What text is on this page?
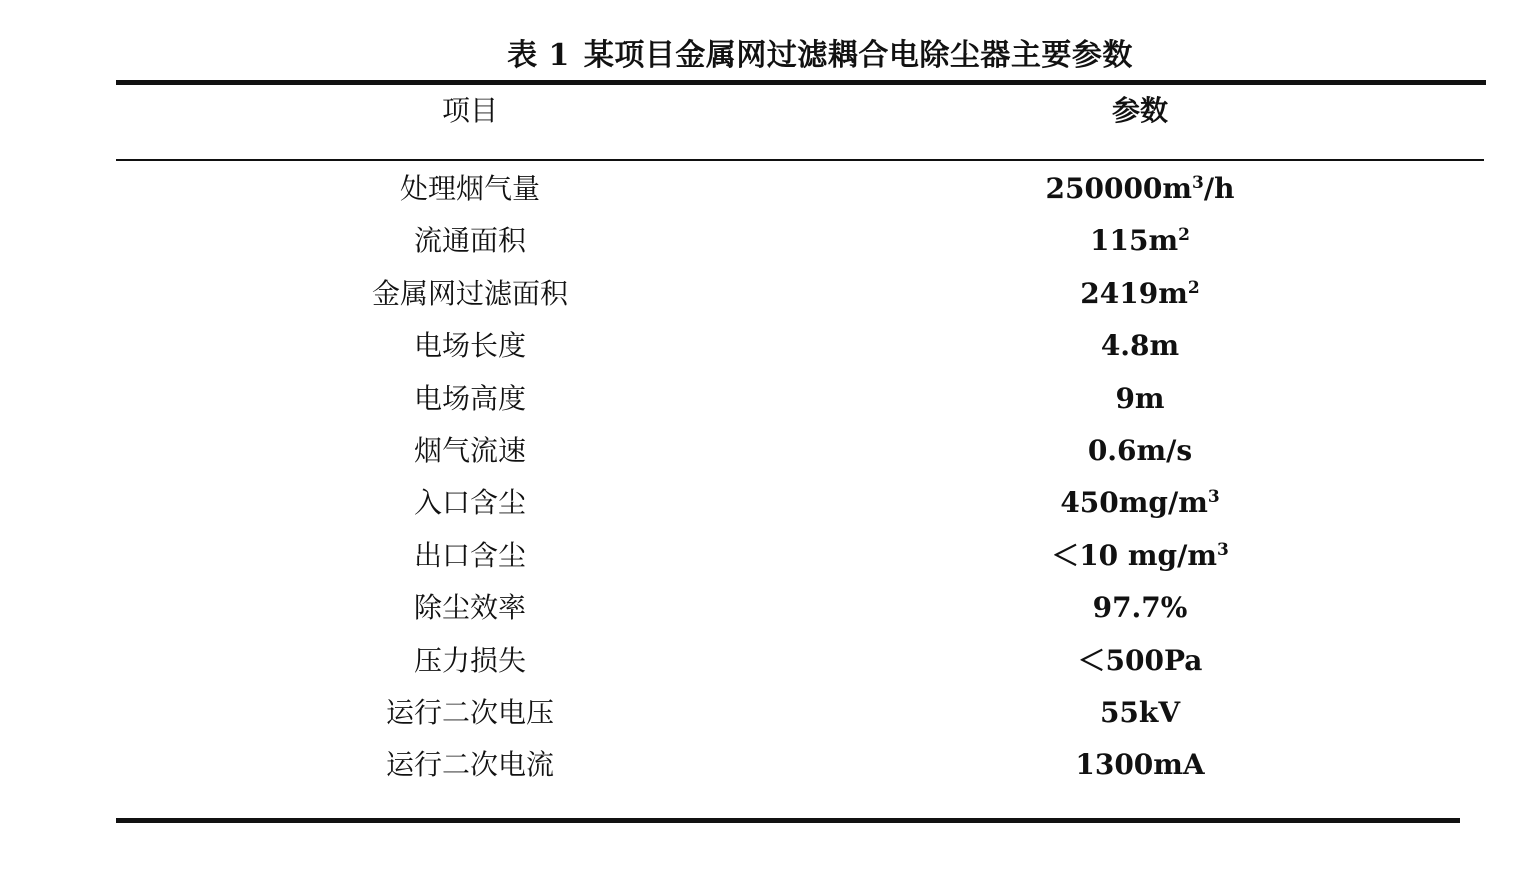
表 1 某项目金属网过滤耦合电除尘器主要参数
项目	参数
处理烟气量	$250000m^3/h$
流通面积	$115m^2$
金属网过滤面积	$2419m^2$
电场长度	4.8m
电场高度	9m
烟气流速	0.6m/s
入口含尘	$450mg/m^3$
出口含尘	＜10 $mg/m^3$
除尘效率	97.7%
压力损失	＜500Pa
运行二次电压	55kV
运行二次电流	1300mA
